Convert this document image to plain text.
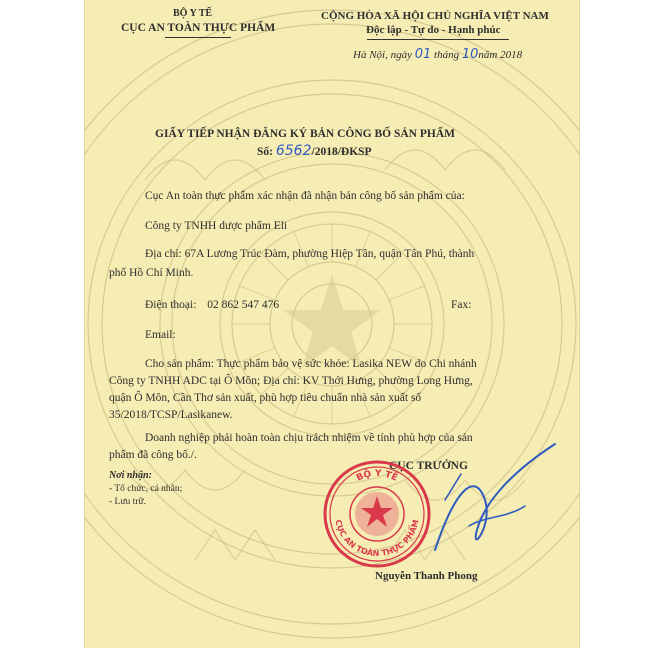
BỘ Y TẾ
CỤC AN TOÀN THỰC PHẨM
CỘNG HÒA XÃ HỘI CHỦ NGHĨA VIỆT NAM
Độc lập - Tự do - Hạnh phúc
Hà Nội, ngày 01 tháng 10năm 2018
GIẤY TIẾP NHẬN ĐĂNG KÝ BẢN CÔNG BỐ SẢN PHẨM
Số: 6562/2018/ĐKSP
Cục An toàn thực phẩm xác nhận đã nhận bản công bố sản phẩm của:
Công ty TNHH dược phẩm Eli
Địa chỉ: 67A Lương Trúc Đàm, phường Hiệp Tân, quận Tân Phú, thành
phố Hồ Chí Minh.
Điện thoại: 02 862 547 476	Fax:
Email:
Cho sản phẩm: Thực phẩm bảo vệ sức khỏe: Lasika NEW do Chi nhánh
Công ty TNHH ADC tại Ô Môn; Địa chỉ: KV Thới Hưng, phường Long Hưng,
quận Ô Môn, Cần Thơ sản xuất, phù hợp tiêu chuẩn nhà sản xuất số
35/2018/TCSP/Lasikanew.
Doanh nghiệp phải hoàn toàn chịu trách nhiệm về tính phù hợp của sản
phẩm đã công bố./.
Nơi nhận:
- Tổ chức, cá nhân;
- Lưu trữ.
CỤC TRƯỞNG
Nguyễn Thanh Phong
BỘ Y TẾ
CỤC AN TOÀN THỰC PHẨM
